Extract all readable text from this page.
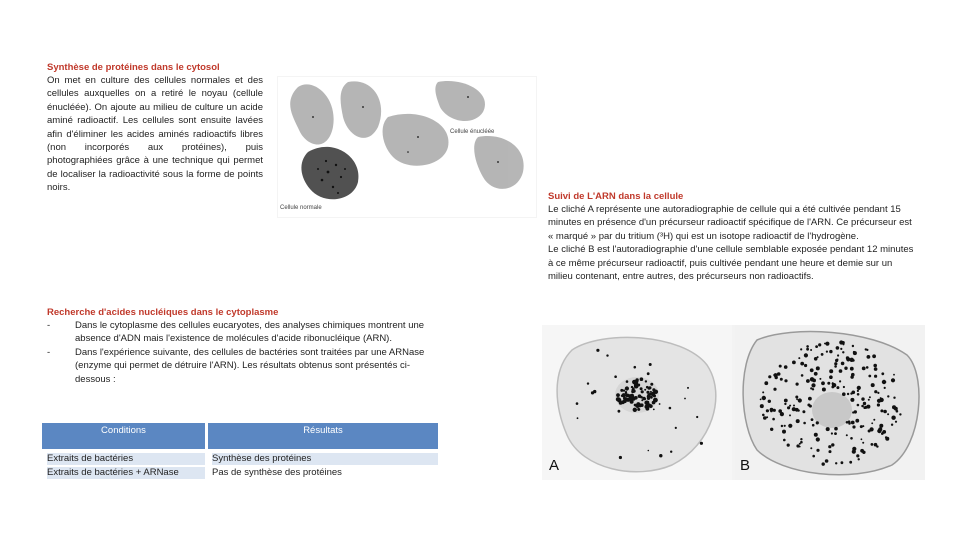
Synthèse de protéines dans le cytosol
On met en culture des cellules normales et des cellules auxquelles on a retiré le noyau (cellule énucléée). On ajoute au milieu de culture un acide aminé radioactif. Les cellules sont ensuite lavées afin d'éliminer les acides aminés radioactifs libres (non incorporés aux protéines), puis photographiées grâce à une technique qui permet de localiser la radioactivité sous la forme de points noirs.
Cellule énucléée
Cellule normale
Recherche d'acides nucléiques dans le cytoplasme
-	Dans le cytoplasme des cellules eucaryotes, des analyses chimiques montrent une absence d'ADN mais l'existence de molécules d'acide ribonucléique (ARN).
-	Dans l'expérience suivante, des cellules de bactéries sont traitées par une ARNase (enzyme qui permet de détruire l'ARN). Les résultats obtenus sont présentés ci-dessous :
Conditions	Résultats
Extraits de bactéries	Synthèse des protéines
Extraits de bactéries + ARNase	Pas de synthèse des protéines
Suivi de L'ARN dans la cellule
Le cliché A représente une autoradiographie de cellule qui a été cultivée pendant 15 minutes en présence d'un précurseur radioactif spécifique de l'ARN. Ce précurseur est « marqué » par du tritium (³H) qui est un isotope radioactif de l'hydrogène.
Le cliché B est l'autoradiographie d'une cellule semblable exposée pendant 12 minutes à ce même précurseur radioactif, puis cultivée pendant une heure et demie sur un milieu contenant, entre autres, des précurseurs non radioactifs.
A	B
